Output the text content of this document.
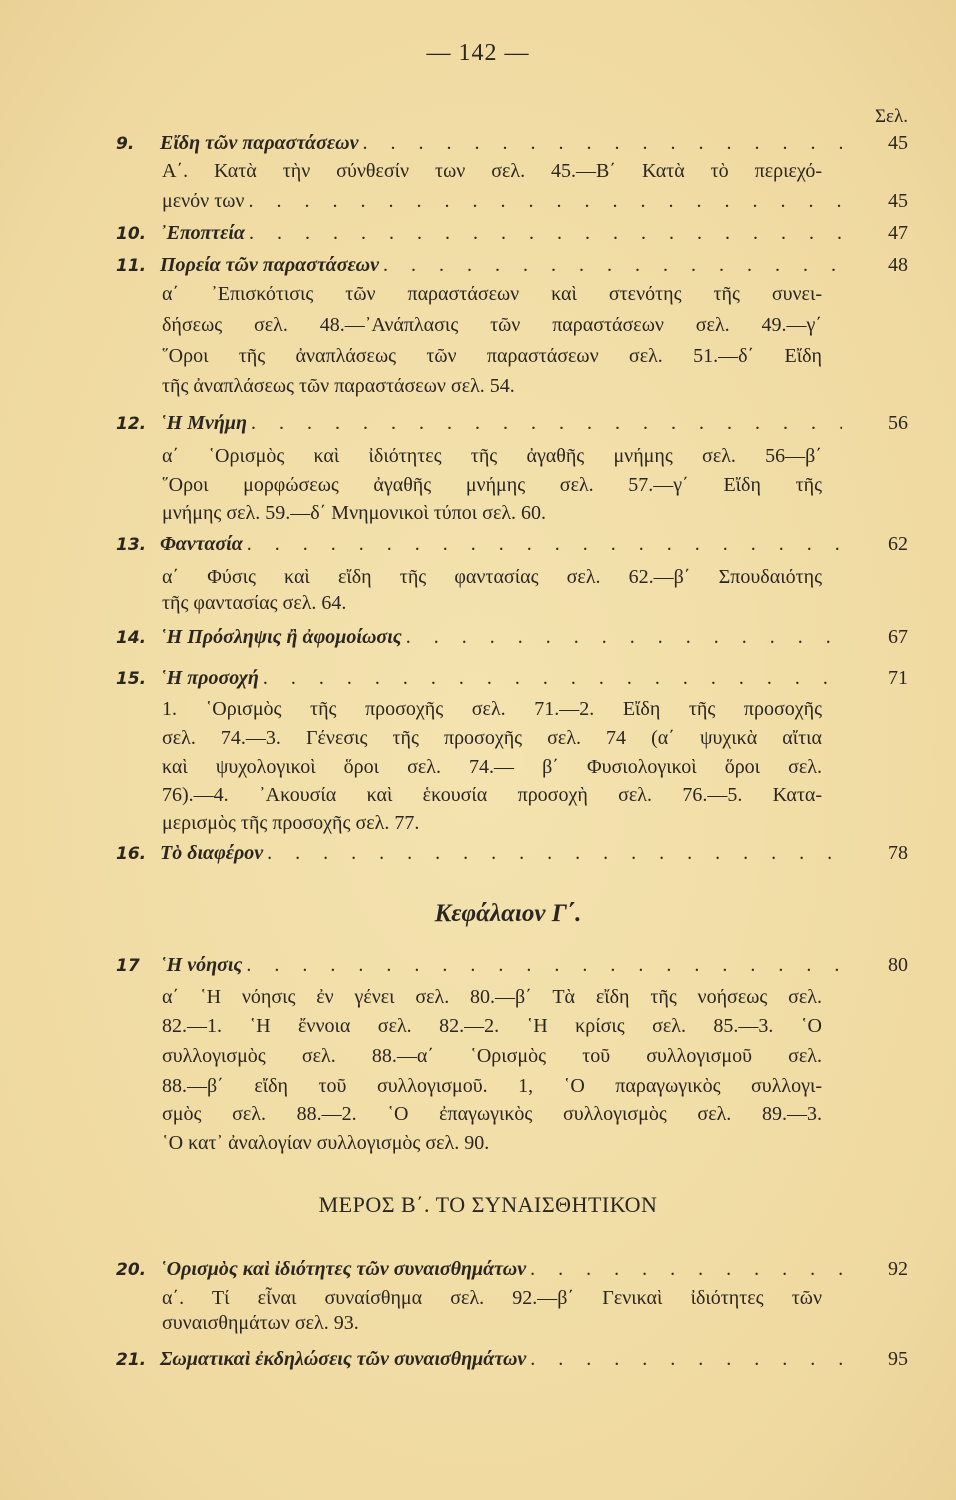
— 142 —
Σελ.
9.	Εἴδη τῶν παραστάσεων . . .	45
Α΄. Κατὰ τὴν σύνθεσίν των σελ. 45.—Β΄ Κατὰ τὸ περιεχό-
μενόν των . . .	45
10. ᾿Εποπτεία . . .	47
11. Πορεία τῶν παραστάσεων . . .	48
α΄ ᾿Επισκότισις τῶν παραστάσεων καὶ στενότης τῆς συνει-
δήσεως σελ. 48.—᾿Ανάπλασις τῶν παραστάσεων σελ. 49.—γ΄
῞Οροι τῆς ἀναπλάσεως τῶν παραστάσεων σελ. 51.—δ΄ Εἴδη
τῆς ἀναπλάσεως τῶν παραστάσεων σελ. 54.
12. ῾Η Μνήμη . . .	56
α΄ ῾Ορισμὸς καὶ ἰδιότητες τῆς ἀγαθῆς μνήμης σελ. 56—β΄
῞Οροι μορφώσεως ἀγαθῆς μνήμης σελ. 57.—γ΄ Εἴδη τῆς
μνήμης σελ. 59.—δ΄ Μνημονικοὶ τύποι σελ. 60.
13. Φαντασία . . .	62
α΄ Φύσις καὶ εἴδη τῆς φαντασίας σελ. 62.—β΄ Σπουδαιότης
τῆς φαντασίας σελ. 64.
14. ῾Η Πρόσληψις ἢ ἀφομοίωσις . . .	67
15. ῾Η προσοχή . . .	71
1. ῾Ορισμὸς τῆς προσοχῆς σελ. 71.—2. Εἴδη τῆς προσοχῆς
σελ. 74.—3. Γένεσις τῆς προσοχῆς σελ. 74 (α΄ ψυχικὰ αἴτια
καὶ ψυχολογικοὶ ὅροι σελ. 74.— β΄ Φυσιολογικοὶ ὅροι σελ.
76).—4. ᾿Ακουσία καὶ ἑκουσία προσοχὴ σελ. 76.—5. Κατα-
μερισμὸς τῆς προσοχῆς σελ. 77.
16. Τὸ διαφέρον . . .	78
Κεφάλαιον Γ΄.
17	῾Η νόησις . . .	80
α΄ ῾Η νόησις ἐν γένει σελ. 80.—β΄ Τὰ εἴδη τῆς νοήσεως σελ.
82.—1. ῾Η ἔννοια σελ. 82.—2. ῾Η κρίσις σελ. 85.—3. ῾Ο
συλλογισμὸς σελ. 88.—α΄ ῾Ορισμὸς τοῦ συλλογισμοῦ σελ.
88.—β΄ εἴδη τοῦ συλλογισμοῦ. 1, ῾Ο παραγωγικὸς συλλογι-
σμὸς σελ. 88.—2. ῾Ο ἐπαγωγικὸς συλλογισμὸς σελ. 89.—3.
῾Ο κατ᾿ ἀναλογίαν συλλογισμὸς σελ. 90.
ΜΕΡΟΣ Β΄. ΤΟ ΣΥΝΑΙΣΘΗΤΙΚΟΝ
20. ῾Ορισμὸς καὶ ἰδιότητες τῶν συναισθημάτων . . .	92
α΄. Τί εἶναι συναίσθημα σελ. 92.—β΄ Γενικαὶ ἰδιότητες τῶν
συναισθημάτων σελ. 93.
21. Σωματικαὶ ἐκδηλώσεις τῶν συναισθημάτων . . .	95
